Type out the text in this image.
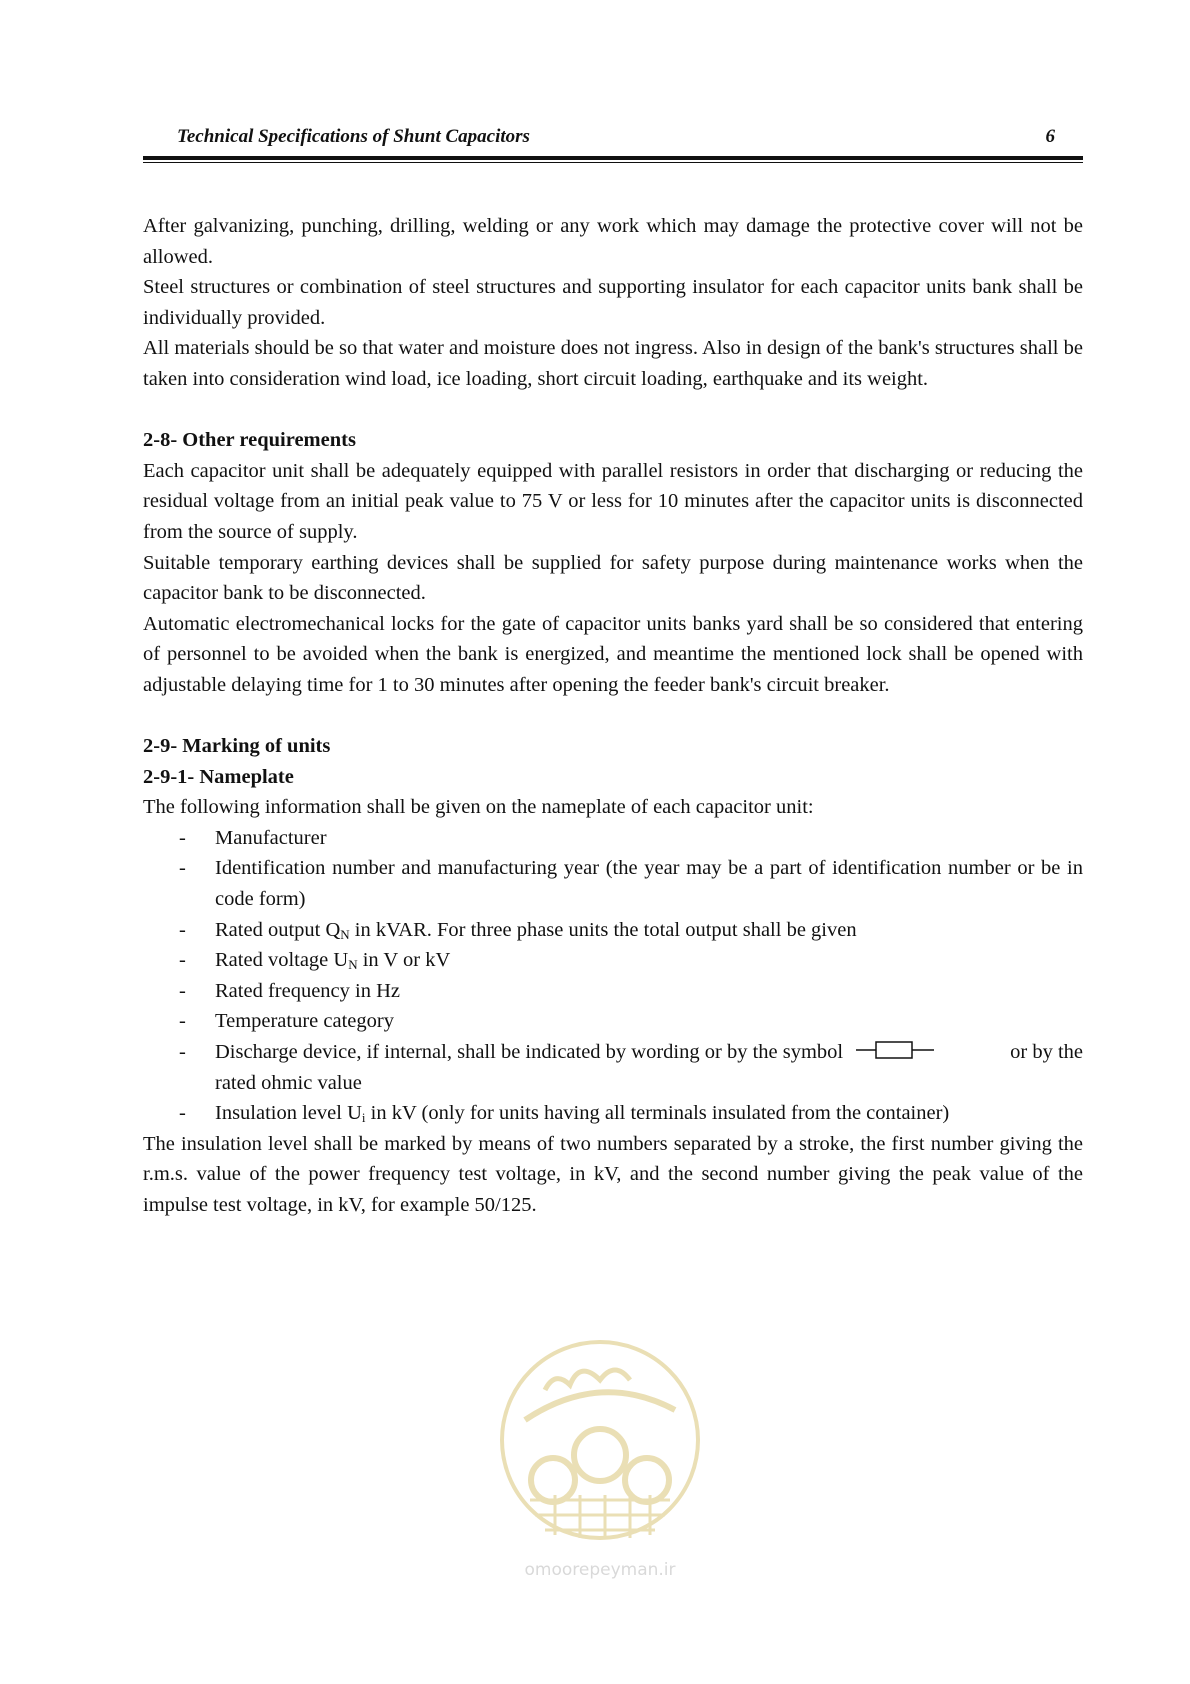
Technical Specifications of Shunt Capacitors	6

After galvanizing, punching, drilling, welding or any work which may damage the protective cover will not be allowed.

Steel structures or combination of steel structures and supporting insulator for each capacitor units bank shall be individually provided.

All materials should be so that water and moisture does not ingress. Also in design of the bank's structures shall be taken into consideration wind load, ice loading, short circuit loading, earthquake and its weight.

2-8- Other requirements

Each capacitor unit shall be adequately equipped with parallel resistors in order that discharging or reducing the residual voltage from an initial peak value to 75 V or less for 10 minutes after the capacitor units is disconnected from the source of supply.

Suitable temporary earthing devices shall be supplied for safety purpose during maintenance works when the capacitor bank to be disconnected.

Automatic electromechanical locks for the gate of capacitor units banks yard shall be so considered that entering of personnel to be avoided when the bank is energized, and meantime the mentioned lock shall be opened with adjustable delaying time for 1 to 30 minutes after opening the feeder bank's circuit breaker.

2-9- Marking of units

2-9-1- Nameplate

The following information shall be given on the nameplate of each capacitor unit:

- Manufacturer
- Identification number and manufacturing year (the year may be a part of identification number or be in code form)
- Rated output $Q_N$ in kVAR. For three phase units the total output shall be given
- Rated voltage $U_N$ in V or kV
- Rated frequency in Hz
- Temperature category
- Discharge device, if internal, shall be indicated by wording or by the symbol	or by the
rated ohmic value
- Insulation level $U_i$ in kV (only for units having all terminals insulated from the container)

The insulation level shall be marked by means of two numbers separated by a stroke, the first number giving the r.m.s. value of the power frequency test voltage, in kV, and the second number giving the peak value of the impulse test voltage, in kV, for example 50/125.

omoorepeyman.ir
